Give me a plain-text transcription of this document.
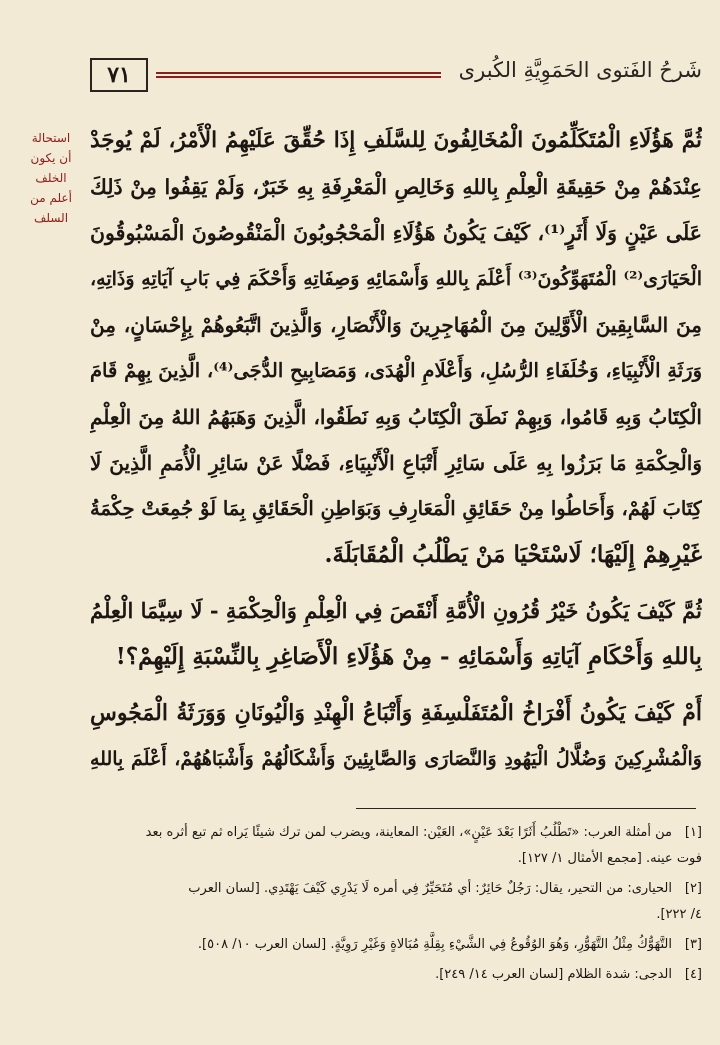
٧١	شَرحُ الفَتوى الحَمَوِيَّةِ الكُبرى
استحالة
أن يكون
الخلف
أعلم من
السلف
ثُمَّ هَؤُلَاءِ الْمُتَكَلِّمُونَ الْمُخَالِفُونَ لِلسَّلَفِ إِذَا حُقِّقَ عَلَيْهِمُ الْأَمْرُ، لَمْ يُوجَدْ
عِنْدَهُمْ مِنْ حَقِيقَةِ الْعِلْمِ بِاللهِ وَخَالِصِ الْمَعْرِفَةِ بِهِ خَبَرٌ، وَلَمْ يَقِفُوا مِنْ ذَلِكَ
عَلَى عَيْنٍ وَلَا أَثَرٍ⁽¹⁾، كَيْفَ يَكُونُ هَؤُلَاءِ الْمَحْجُوبُونَ الْمَنْقُوصُونَ الْمَسْبُوقُونَ
الْحَيَارَى⁽²⁾ الْمُتَهَوِّكُونَ⁽³⁾ أَعْلَمَ بِاللهِ وَأَسْمَائِهِ وَصِفَاتِهِ وَأَحْكَمَ فِي بَابِ آيَاتِهِ وَذَاتِهِ،
مِنَ السَّابِقِينَ الْأَوَّلِينَ مِنَ الْمُهَاجِرِينَ وَالْأَنْصَارِ، وَالَّذِينَ اتَّبَعُوهُمْ بِإِحْسَانٍ، مِنْ
وَرَثَةِ الْأَنْبِيَاءِ، وَخُلَفَاءِ الرُّسُلِ، وَأَعْلَامِ الْهُدَى، وَمَصَابِيحِ الدُّجَى⁽⁴⁾، الَّذِينَ بِهِمْ قَامَ
الْكِتَابُ وَبِهِ قَامُوا، وَبِهِمْ نَطَقَ الْكِتَابُ وَبِهِ نَطَقُوا، الَّذِينَ وَهَبَهُمُ اللهُ مِنَ الْعِلْمِ
وَالْحِكْمَةِ مَا بَرَزُوا بِهِ عَلَى سَائِرِ أَتْبَاعِ الْأَنْبِيَاءِ، فَضْلًا عَنْ سَائِرِ الْأُمَمِ الَّذِينَ لَا
كِتَابَ لَهُمْ، وَأَحَاطُوا مِنْ حَقَائِقِ الْمَعَارِفِ وَبَوَاطِنِ الْحَقَائِقِ بِمَا لَوْ جُمِعَتْ حِكْمَةُ
غَيْرِهِمْ إِلَيْهَا؛ لَاسْتَحْيَا مَنْ يَطْلُبُ الْمُقَابَلَةَ.
ثُمَّ كَيْفَ يَكُونُ خَيْرُ قُرُونِ الْأُمَّةِ أَنْقَصَ فِي الْعِلْمِ وَالْحِكْمَةِ - لَا سِيَّمَا الْعِلْمُ
بِاللهِ وَأَحْكَامِ آيَاتِهِ وَأَسْمَائِهِ - مِنْ هَؤُلَاءِ الْأَصَاغِرِ بِالنِّسْبَةِ إِلَيْهِمْ؟!
أَمْ كَيْفَ يَكُونُ أَفْرَاخُ الْمُتَفَلْسِفَةِ وَأَتْبَاعُ الْهِنْدِ وَالْيُونَانِ وَوَرَثَةُ الْمَجُوسِ
وَالْمُشْرِكِينَ وَضُلَّالُ الْيَهُودِ وَالنَّصَارَى وَالصَّابِئِينَ وَأَشْكَالُهُمْ وَأَشْبَاهُهُمْ، أَعْلَمَ بِاللهِ
[١]من أمثلة العرب: «تَطْلُبُ أَثَرًا بَعْدَ عَيْنٍ»، العَيْن: المعاينة، ويضرب لمن ترك شيئًا يَراه ثم تبع أثره بعد
فوت عينه. [مجمع الأمثال ١/ ١٢٧].
[٢]الحيارى: من التحير، يقال: رَجُلٌ حَائِرٌ: أي مُتَحَيِّرٌ فِي أمره لَا يَدْرِي كَيْفَ يَهْتَدِي. [لسان العرب
٤/ ٢٢٢].
[٣]التَّهَوُّكُ مِثْلُ التَّهَوُّرِ، وَهُوَ الوُقُوعُ فِي الشَّيْءِ بِقِلَّةِ مُبَالاةٍ وَغَيْرِ رَوِيَّةٍ. [لسان العرب ١٠/ ٥٠٨].
[٤]الدجى: شدة الظلام [لسان العرب ١٤/ ٢٤٩].
